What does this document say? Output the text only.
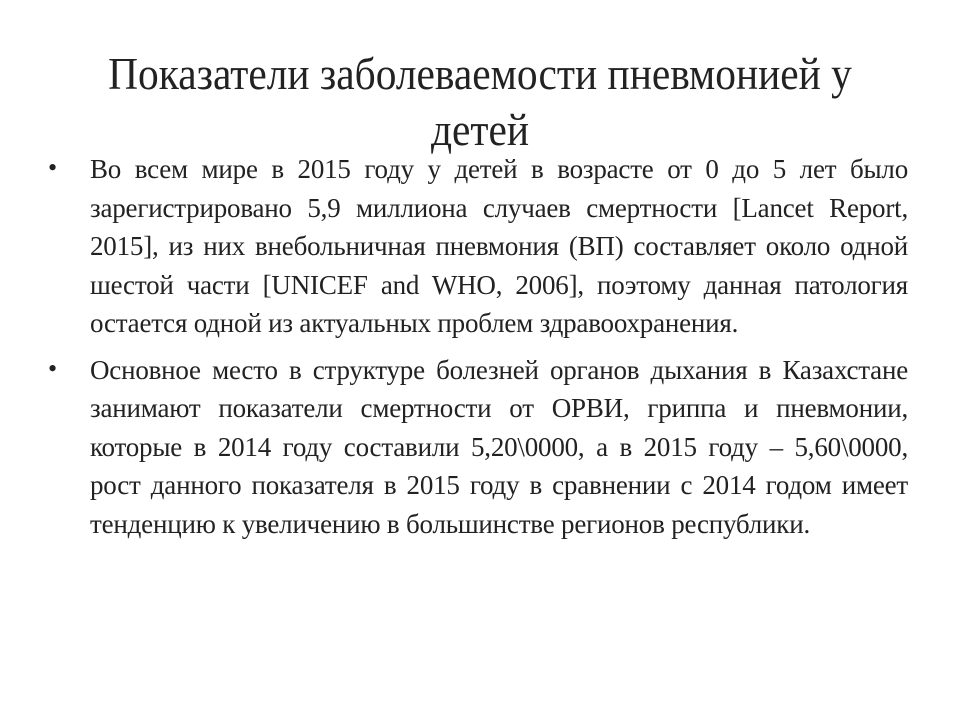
Показатели заболеваемости пневмонией у детей
• Во всем мире в 2015 году у детей в возрасте от 0 до 5 лет было зарегистрировано 5,9 миллиона случаев смертности [Lancet Report, 2015], из них внебольничная пневмония (ВП) составляет около одной шестой части [UNICEF and WHO, 2006], поэтому данная патология остается одной из актуальных проблем здравоохранения.
• Основное место в структуре болезней органов дыхания в Казахстане занимают показатели смертности от ОРВИ, гриппа и пневмонии, которые в 2014 году составили 5,20\0000, а в 2015 году – 5,60\0000, рост данного показателя в 2015 году в сравнении с 2014 годом имеет тенденцию к увеличению в большинстве регионов республики.
